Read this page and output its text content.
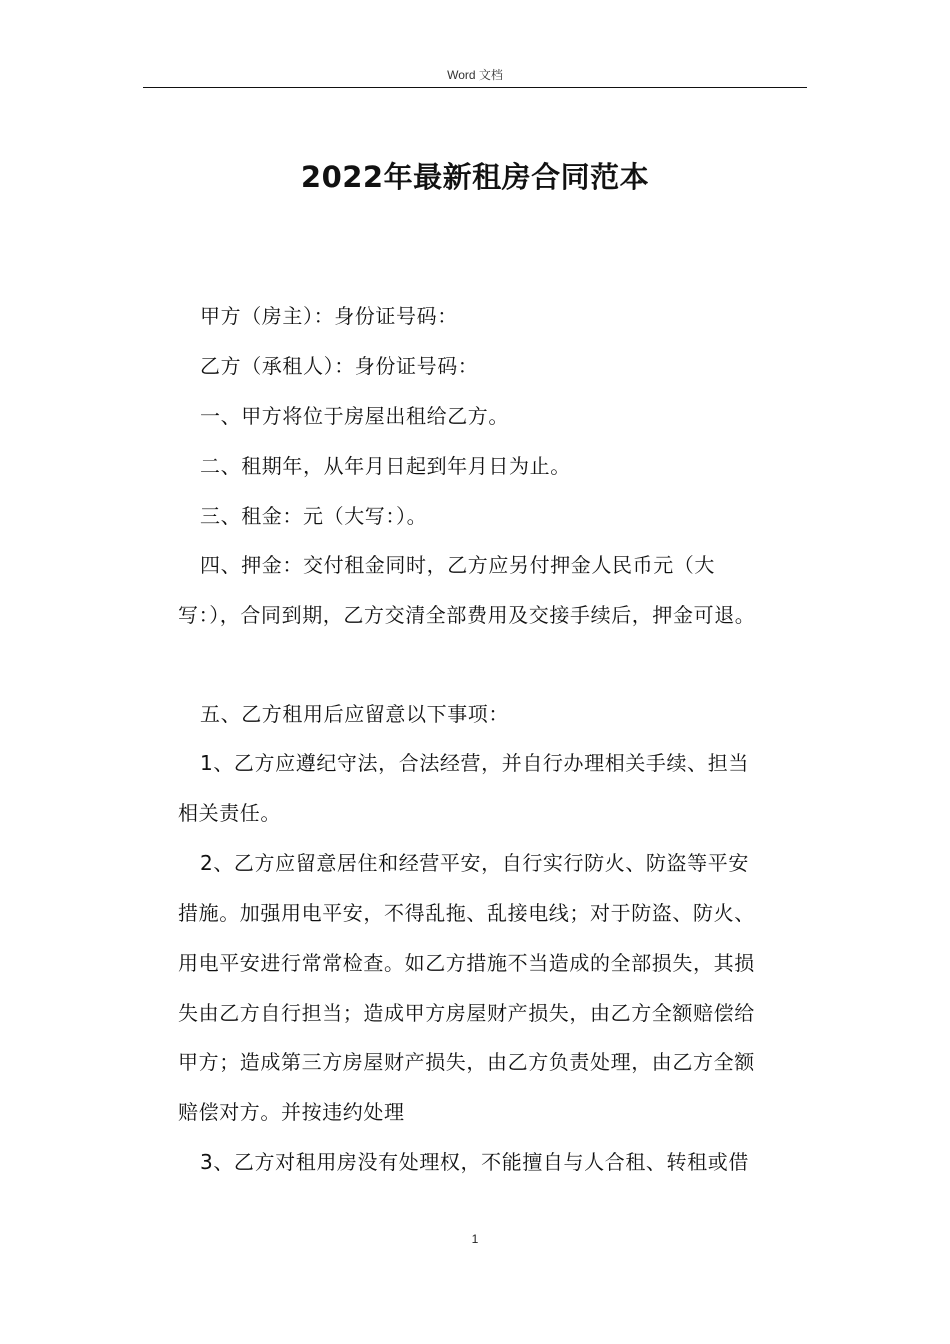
Word 文档
2022年最新租房合同范本
甲方（房主）：身份证号码：
乙方（承租人）：身份证号码：
一、甲方将位于房屋出租给乙方。
二、租期年，从年月日起到年月日为止。
三、租金：元（大写：）。
四、押金：交付租金同时，乙方应另付押金人民币元（大
写：），合同到期，乙方交清全部费用及交接手续后，押金可退。
五、乙方租用后应留意以下事项：
1、乙方应遵纪守法，合法经营，并自行办理相关手续、担当
相关责任。
2、乙方应留意居住和经营平安，自行实行防火、防盗等平安
措施。加强用电平安，不得乱拖、乱接电线；对于防盗、防火、
用电平安进行常常检查。如乙方措施不当造成的全部损失，其损
失由乙方自行担当；造成甲方房屋财产损失，由乙方全额赔偿给
甲方；造成第三方房屋财产损失，由乙方负责处理，由乙方全额
赔偿对方。并按违约处理
3、乙方对租用房没有处理权，不能擅自与人合租、转租或借
1
